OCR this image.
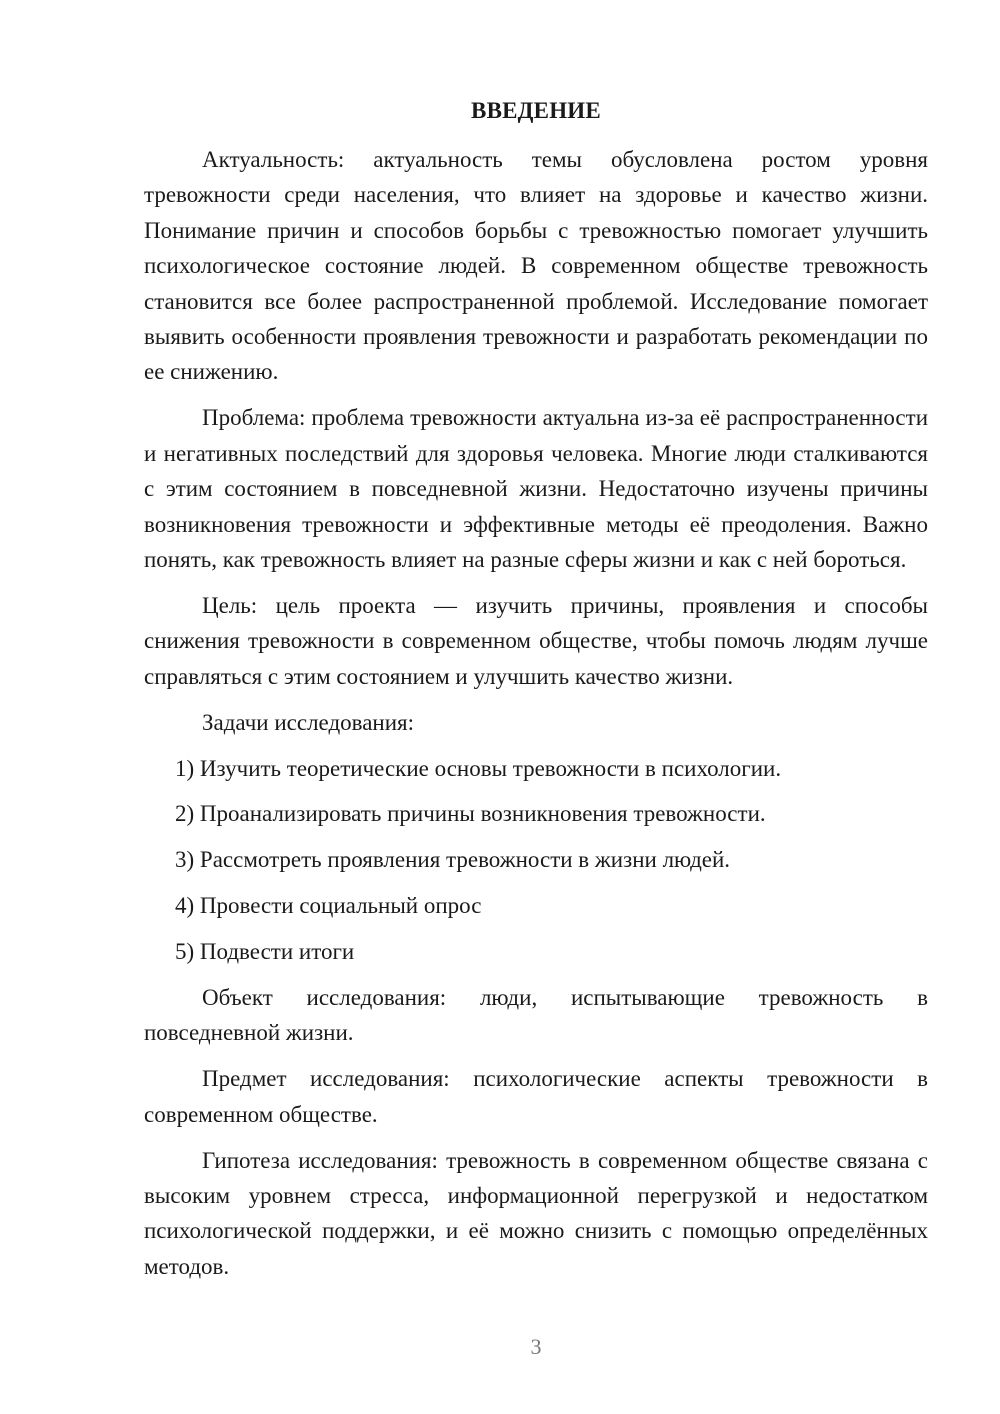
ВВЕДЕНИЕ

Актуальность: актуальность темы обусловлена ростом уровня тревожности среди населения, что влияет на здоровье и качество жизни. Понимание причин и способов борьбы с тревожностью помогает улучшить психологическое состояние людей. В современном обществе тревожность становится все более распространенной проблемой. Исследование помогает выявить особенности проявления тревожности и разработать рекомендации по ее снижению.

Проблема: проблема тревожности актуальна из-за её распространенности и негативных последствий для здоровья человека. Многие люди сталкиваются с этим состоянием в повседневной жизни. Недостаточно изучены причины возникновения тревожности и эффективные методы её преодоления. Важно понять, как тревожность влияет на разные сферы жизни и как с ней бороться.

Цель: цель проекта — изучить причины, проявления и способы снижения тревожности в современном обществе, чтобы помочь людям лучше справляться с этим состоянием и улучшить качество жизни.

Задачи исследования:

1) Изучить теоретические основы тревожности в психологии.

2) Проанализировать причины возникновения тревожности.

3) Рассмотреть проявления тревожности в жизни людей.

4) Провести социальный опрос

5) Подвести итоги

Объект исследования: люди, испытывающие тревожность в повседневной жизни.

Предмет исследования: психологические аспекты тревожности в современном обществе.

Гипотеза исследования: тревожность в современном обществе связана с высоким уровнем стресса, информационной перегрузкой и недостатком психологической поддержки, и её можно снизить с помощью определённых методов.

3
